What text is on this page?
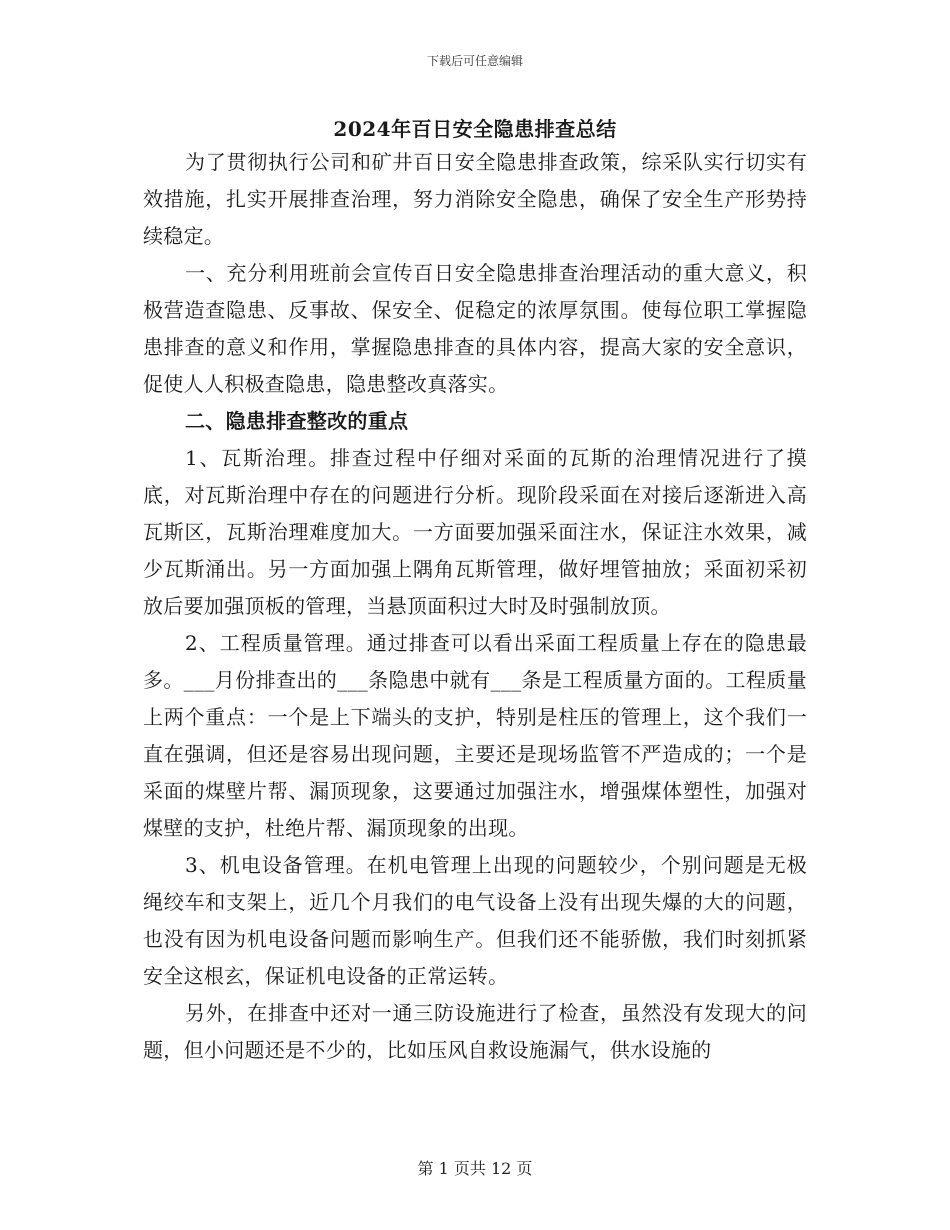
下载后可任意编辑
2024年百日安全隐患排查总结

为了贯彻执行公司和矿井百日安全隐患排查政策，综采队实行切实有效措施，扎实开展排查治理，努力消除安全隐患，确保了安全生产形势持续稳定。

一、充分利用班前会宣传百日安全隐患排查治理活动的重大意义，积极营造查隐患、反事故、保安全、促稳定的浓厚氛围。使每位职工掌握隐患排查的意义和作用，掌握隐患排查的具体内容，提高大家的安全意识，促使人人积极查隐患，隐患整改真落实。

二、隐患排查整改的重点

1、瓦斯治理。排查过程中仔细对采面的瓦斯的治理情况进行了摸底，对瓦斯治理中存在的问题进行分析。现阶段采面在对接后逐渐进入高瓦斯区，瓦斯治理难度加大。一方面要加强采面注水，保证注水效果，减少瓦斯涌出。另一方面加强上隅角瓦斯管理，做好埋管抽放；采面初采初放后要加强顶板的管理，当悬顶面积过大时及时强制放顶。

2、工程质量管理。通过排查可以看出采面工程质量上存在的隐患最多。___月份排查出的___条隐患中就有___条是工程质量方面的。工程质量上两个重点：一个是上下端头的支护，特别是柱压的管理上，这个我们一直在强调，但还是容易出现问题，主要还是现场监管不严造成的；一个是采面的煤壁片帮、漏顶现象，这要通过加强注水，增强煤体塑性，加强对煤壁的支护，杜绝片帮、漏顶现象的出现。

3、机电设备管理。在机电管理上出现的问题较少，个别问题是无极绳绞车和支架上，近几个月我们的电气设备上没有出现失爆的大的问题，也没有因为机电设备问题而影响生产。但我们还不能骄傲，我们时刻抓紧安全这根玄，保证机电设备的正常运转。

另外，在排查中还对一通三防设施进行了检查，虽然没有发现大的问题，但小问题还是不少的，比如压风自救设施漏气，供水设施的

第 1 页共 12 页
